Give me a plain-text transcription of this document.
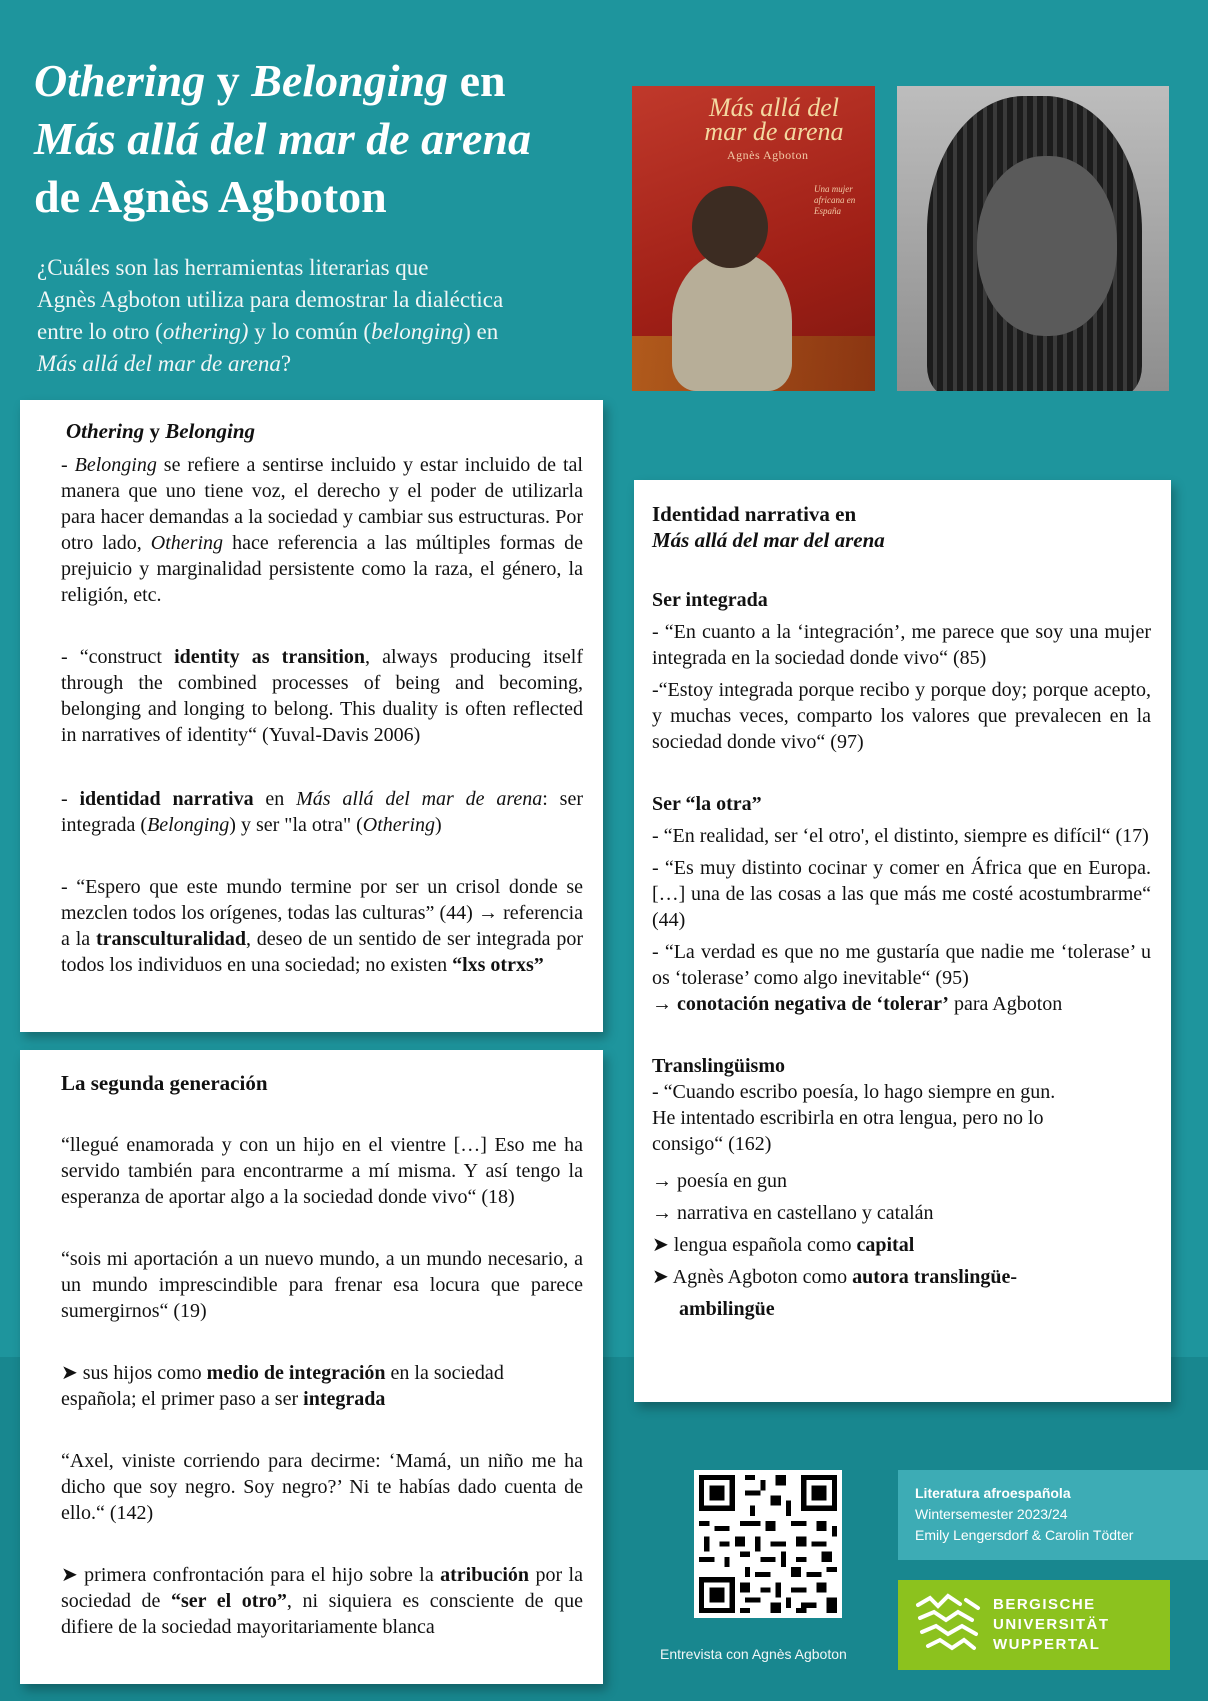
Othering y Belonging en
Más allá del mar de arena
de Agnès Agboton
¿Cuáles son las herramientas literarias que
Agnès Agboton utiliza para demostrar la dialéctica
entre lo otro (othering) y lo común (belonging) en
Más allá del mar de arena?
Más allá del
mar de arena
Agnès Agboton
Una mujer africana en España

Othering y Belonging

- Belonging se refiere a sentirse incluido y estar incluido de tal manera que uno tiene voz, el derecho y el poder de utilizarla para hacer demandas a la sociedad y cambiar sus estructuras. Por otro lado, Othering hace referencia a las múltiples formas de prejuicio y marginalidad persistente como la raza, el género, la religión, etc.

- “construct identity as transition, always producing itself through the combined processes of being and becoming, belonging and longing to belong. This duality is often reflected in narratives of identity“ (Yuval-Davis 2006)

- identidad narrativa en Más allá del mar de arena: ser integrada (Belonging) y ser "la otra" (Othering)

- “Espero que este mundo termine por ser un crisol donde se mezclen todos los orígenes, todas las culturas” (44) → referencia a la transculturalidad, deseo de un sentido de ser integrada por todos los individuos en una sociedad; no existen “lxs otrxs”

La segunda generación

“llegué enamorada y con un hijo en el vientre […] Eso me ha servido también para encontrarme a mí misma. Y así tengo la esperanza de aportar algo a la sociedad donde vivo“ (18)

“sois mi aportación a un nuevo mundo, a un mundo necesario, a un mundo imprescindible para frenar esa locura que parece sumergirnos“ (19)

➤ sus hijos como medio de integración en la sociedad española; el primer paso a ser integrada

“Axel, viniste corriendo para decirme: ‘Mamá, un niño me ha dicho que soy negro. Soy negro?’ Ni te habías dado cuenta de ello.“ (142)

➤ primera confrontación para el hijo sobre la atribución por la sociedad de “ser el otro”, ni siquiera es consciente de que difiere de la sociedad mayoritariamente blanca

Identidad narrativa en
Más allá del mar del arena

Ser integrada

- “En cuanto a la ‘integración’, me parece que soy una mujer integrada en la sociedad donde vivo“ (85)

-“Estoy integrada porque recibo y porque doy; porque acepto, y muchas veces, comparto los valores que prevalecen en la sociedad donde vivo“ (97)

Ser “la otra”

- “En realidad, ser ‘el otro', el distinto, siempre es difícil“ (17)

- “Es muy distinto cocinar y comer en África que en Europa. […] una de las cosas a las que más me costé acostumbrarme“ (44)

- “La verdad es que no me gustaría que nadie me ‘tolerase’ u os ‘tolerase’ como algo inevitable“ (95)

→ conotación negativa de ‘tolerar’ para Agboton

Translingüismo

- “Cuando escribo poesía, lo hago siempre en gun.
He intentado escribirla en otra lengua, pero no lo
consigo“ (162)

→ poesía en gun

→ narrativa en castellano y catalán

➤ lengua española como capital

➤ Agnès Agboton como autora translingüe-
ambilingüe

Entrevista con Agnès Agboton
Literatura afroespañola
Wintersemester 2023/24
Emily Lengersdorf & Carolin Tödter
BERGISCHE
UNIVERSITÄT
WUPPERTAL
